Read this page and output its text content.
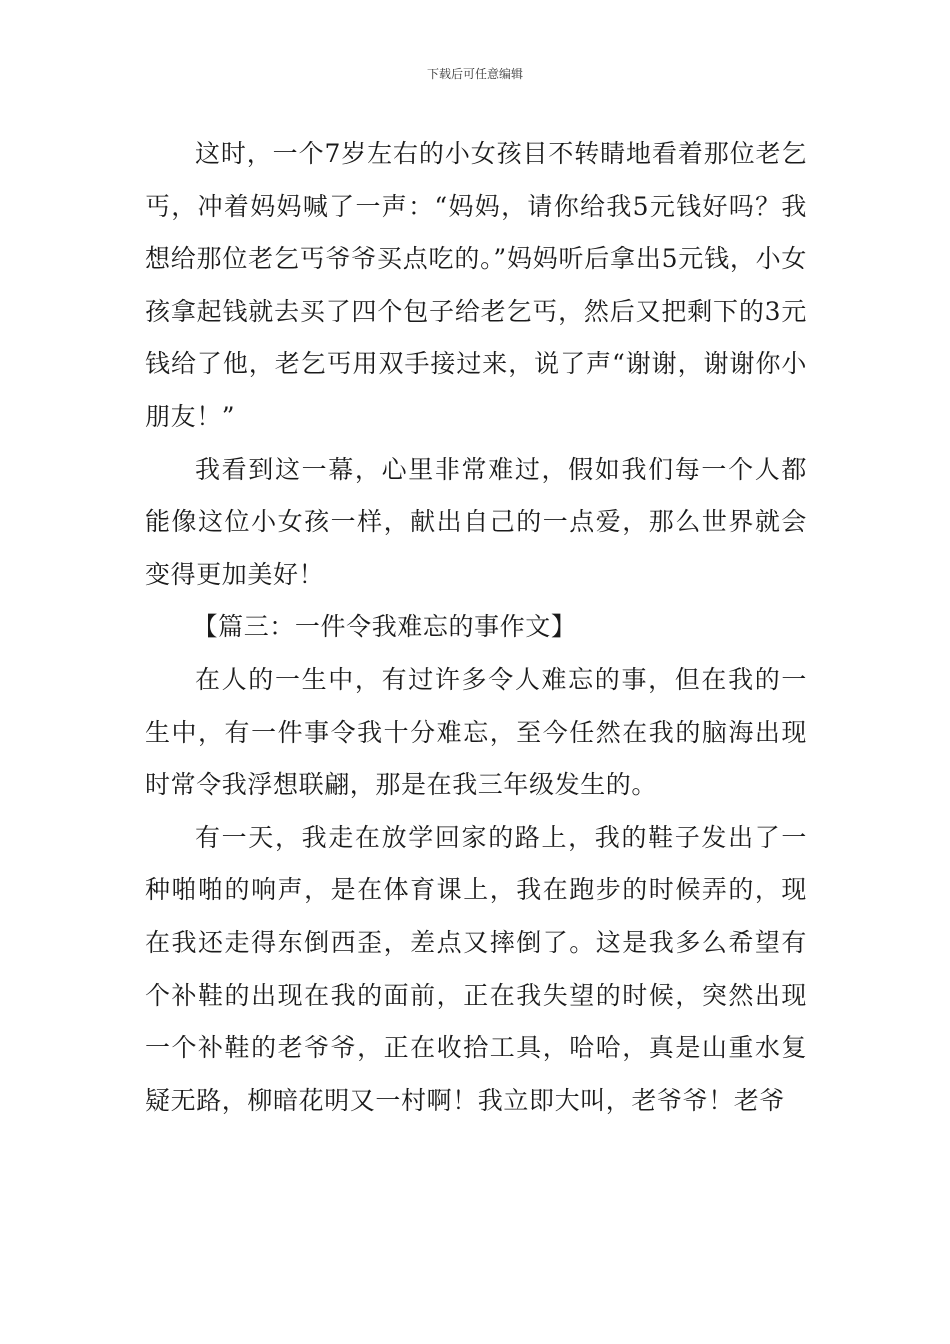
下载后可任意编辑

这时，一个7岁左右的小女孩目不转睛地看着那位老乞丐，冲着妈妈喊了一声：“妈妈，请你给我5元钱好吗？我想给那位老乞丐爷爷买点吃的。”妈妈听后拿出5元钱，小女孩拿起钱就去买了四个包子给老乞丐，然后又把剩下的3元钱给了他，老乞丐用双手接过来，说了声“谢谢，谢谢你小朋友！”

我看到这一幕，心里非常难过，假如我们每一个人都能像这位小女孩一样，献出自己的一点爱，那么世界就会变得更加美好！

【篇三：一件令我难忘的事作文】

在人的一生中，有过许多令人难忘的事，但在我的一生中，有一件事令我十分难忘，至今任然在我的脑海出现时常令我浮想联翩，那是在我三年级发生的。

有一天，我走在放学回家的路上，我的鞋子发出了一种啪啪的响声，是在体育课上，我在跑步的时候弄的，现在我还走得东倒西歪，差点又摔倒了。这是我多么希望有个补鞋的出现在我的面前，正在我失望的时候，突然出现一个补鞋的老爷爷，正在收拾工具，哈哈，真是山重水复疑无路，柳暗花明又一村啊！我立即大叫，老爷爷！老爷
